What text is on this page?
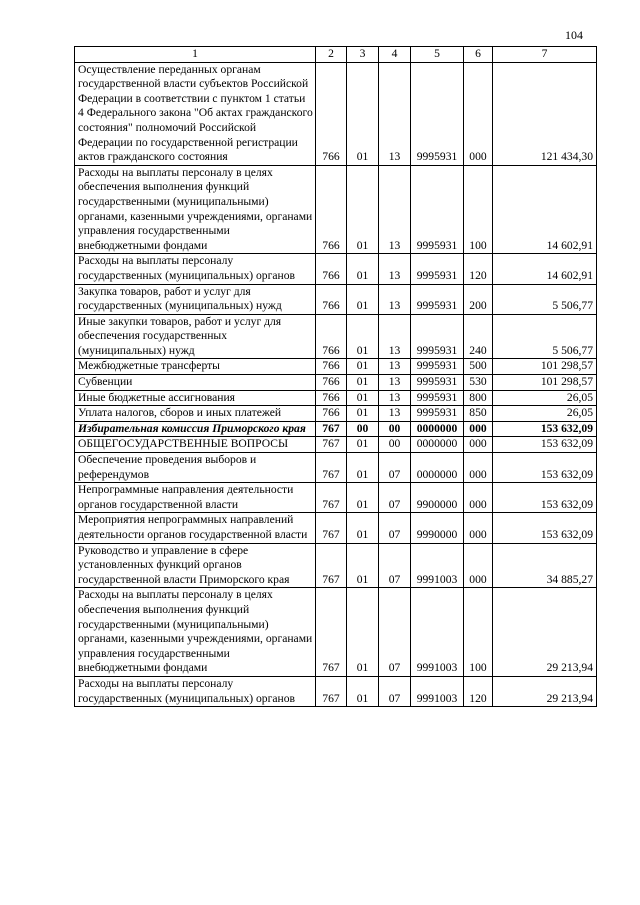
104
1	2	3	4	5	6	7
Осуществление переданных органам государственной власти субъектов Российской Федерации в соответствии с пунктом 1 статьи 4 Федерального закона "Об актах гражданского состояния" полномочий Российской Федерации по государственной регистрации актов гражданского состояния	766	01	13	9995931	000	121 434,30
Расходы на выплаты персоналу в целях обеспечения выполнения функций государственными (муниципальными) органами, казенными учреждениями, органами управления государственными внебюджетными фондами	766	01	13	9995931	100	14 602,91
Расходы на выплаты персоналу государственных (муниципальных) органов	766	01	13	9995931	120	14 602,91
Закупка товаров, работ и услуг для государственных (муниципальных) нужд	766	01	13	9995931	200	5 506,77
Иные закупки товаров, работ и услуг для обеспечения государственных (муниципальных) нужд	766	01	13	9995931	240	5 506,77
Межбюджетные трансферты	766	01	13	9995931	500	101 298,57
Субвенции	766	01	13	9995931	530	101 298,57
Иные бюджетные ассигнования	766	01	13	9995931	800	26,05
Уплата налогов, сборов и иных платежей	766	01	13	9995931	850	26,05
Избирательная комиссия Приморского края	767	00	00	0000000	000	153 632,09
ОБЩЕГОСУДАРСТВЕННЫЕ ВОПРОСЫ	767	01	00	0000000	000	153 632,09
Обеспечение проведения выборов и референдумов	767	01	07	0000000	000	153 632,09
Непрограммные направления деятельности органов государственной власти	767	01	07	9900000	000	153 632,09
Мероприятия непрограммных направлений деятельности органов государственной власти	767	01	07	9990000	000	153 632,09
Руководство и управление в сфере установленных функций органов государственной власти Приморского края	767	01	07	9991003	000	34 885,27
Расходы на выплаты персоналу в целях обеспечения выполнения функций государственными (муниципальными) органами, казенными учреждениями, органами управления государственными внебюджетными фондами	767	01	07	9991003	100	29 213,94
Расходы на выплаты персоналу государственных (муниципальных) органов	767	01	07	9991003	120	29 213,94
